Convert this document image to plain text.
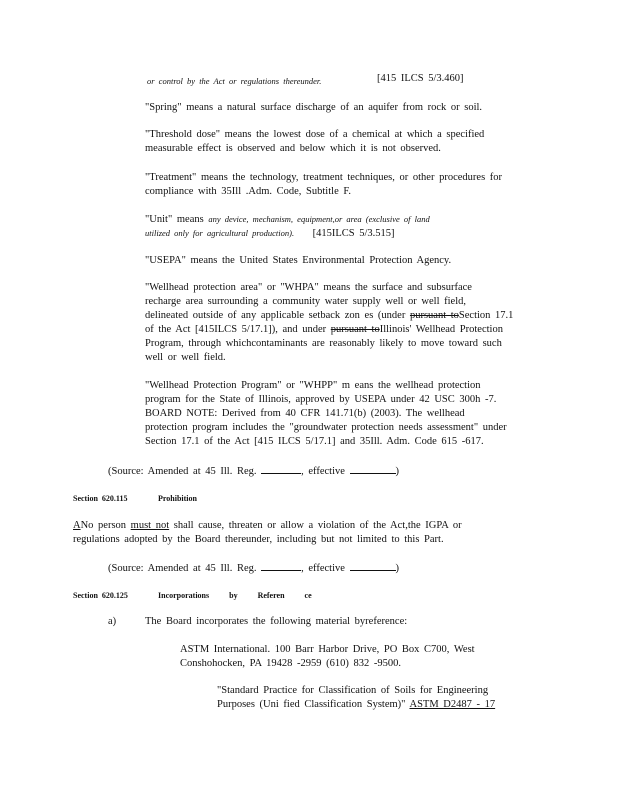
or control by the Act or regulations thereunder.	[415 ILCS 5/3.460]
"Spring" means a natural surface discharge of an aquifer from rock or soil.
"Threshold dose" means the lowest dose of a chemical at which a specified
measurable effect is observed and below which it is not observed.
"Treatment" means the technology, treatment techniques, or other procedures for
compliance with 35Ill .Adm. Code, Subtitle F.
"Unit" means any device, mechanism, equipment,or area (exclusive of land
utilized only for agricultural production). [415ILCS 5/3.515]
"USEPA" means the United States Environmental Protection Agency.
"Wellhead protection area" or "WHPA" means the surface and subsurface
recharge area surrounding a community water supply well or well field,
delineated outside of any applicable setback zon es (under pursuant toSection 17.1
of the Act [415ILCS 5/17.1]), and under pursuant toIllinois' Wellhead Protection
Program, through whichcontaminants are reasonably likely to move toward such
well or well field.
"Wellhead Protection Program" or "WHPP" m eans the wellhead protection
program for the State of Illinois, approved by USEPA under 42 USC 300h -7.
BOARD NOTE: Derived from 40 CFR 141.71(b) (2003). The wellhead
protection program includes the "groundwater protection needs assessment" under
Section 17.1 of the Act [415 ILCS 5/17.1] and 35Ill. Adm. Code 615 -617.
(Source: Amended at 45 Ill. Reg.	, effective	)
Section 620.115	Prohibition
ANo person must not shall cause, threaten or allow a violation of the Act,the IGPA or
regulations adopted by the Board thereunder, including but not limited to this Part.
(Source: Amended at 45 Ill. Reg.	, effective	)
Section 620.125	Incorporations by Referen ce
a)	The Board incorporates the following material byreference:
ASTM International. 100 Barr Harbor Drive, PO Box C700, West
Conshohocken, PA 19428 -2959 (610) 832 -9500.
"Standard Practice for Classification of Soils for Engineering
Purposes (Uni fied Classification System)" ASTM D2487 - 17
